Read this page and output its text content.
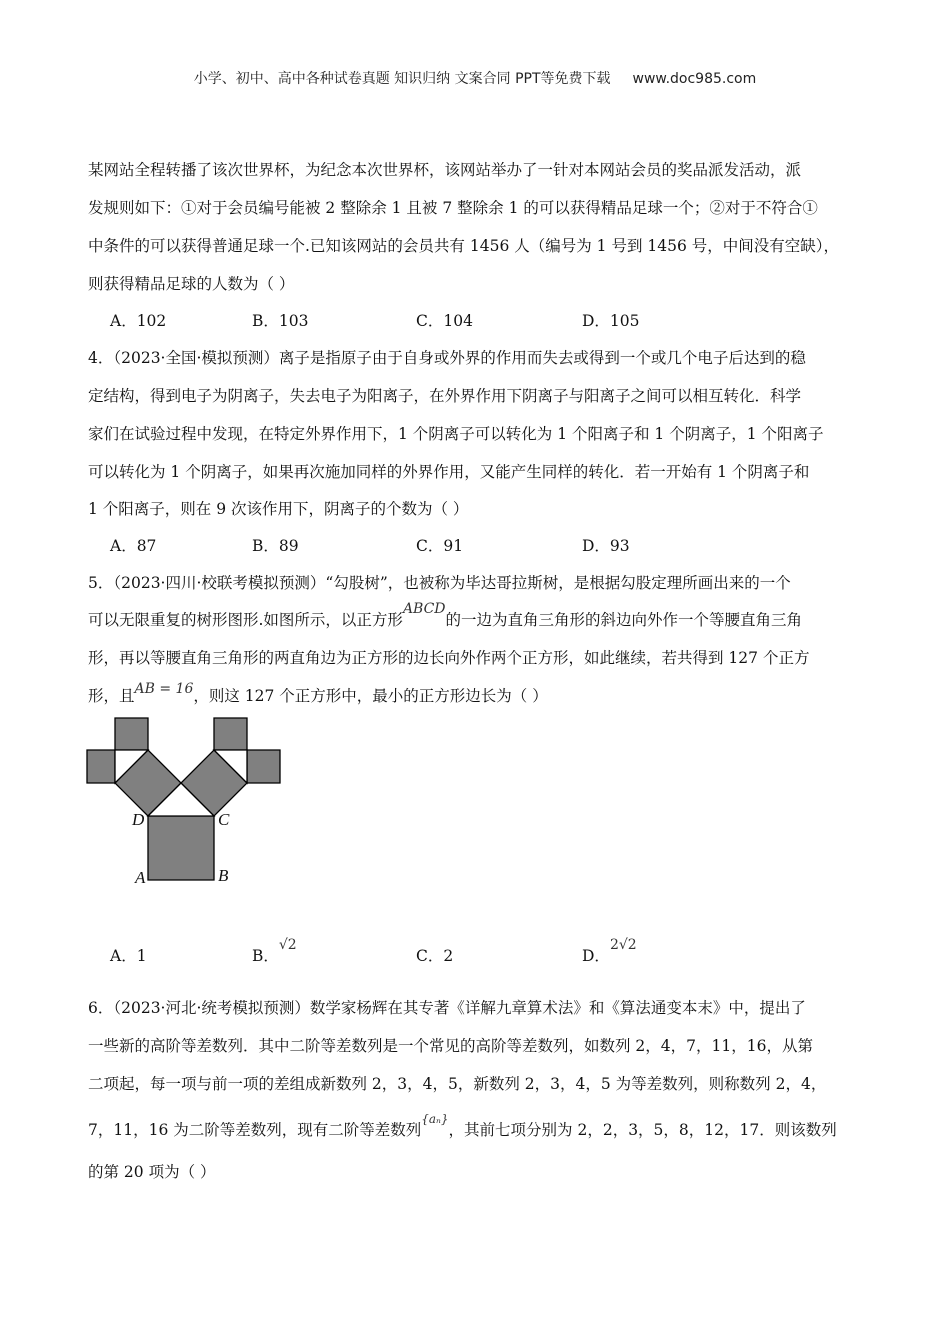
小学、初中、高中各种试卷真题 知识归纳 文案合同 PPT等免费下载 www.doc985.com
某网站全程转播了该次世界杯，为纪念本次世界杯，该网站举办了一针对本网站会员的奖品派发活动，派
发规则如下：①对于会员编号能被 2 整除余 1 且被 7 整除余 1 的可以获得精品足球一个；②对于不符合①
中条件的可以获得普通足球一个.已知该网站的会员共有 1456 人（编号为 1 号到 1456 号，中间没有空缺），
则获得精品足球的人数为（ ）
A．102	B．103	C．104	D．105
4．（2023·全国·模拟预测）离子是指原子由于自身或外界的作用而失去或得到一个或几个电子后达到的稳
定结构，得到电子为阴离子，失去电子为阳离子，在外界作用下阴离子与阳离子之间可以相互转化．科学
家们在试验过程中发现，在特定外界作用下，1 个阴离子可以转化为 1 个阳离子和 1 个阴离子，1 个阳离子
可以转化为 1 个阴离子，如果再次施加同样的外界作用，又能产生同样的转化．若一开始有 1 个阴离子和
1 个阳离子，则在 9 次该作用下，阴离子的个数为（ ）
A．87	B．89	C．91	D．93
5．（2023·四川·校联考模拟预测）“勾股树”，也被称为毕达哥拉斯树，是根据勾股定理所画出来的一个
可以无限重复的树形图形.如图所示，以正方形ABCD的一边为直角三角形的斜边向外作一个等腰直角三角
形，再以等腰直角三角形的两直角边为正方形的边长向外作两个正方形，如此继续，若共得到 127 个正方
形，且AB = 16，则这 127 个正方形中，最小的正方形边长为（ ）
D	C
A	B
A．1	B．√2
C．2	D．2√2
6．（2023·河北·统考模拟预测）数学家杨辉在其专著《详解九章算术法》和《算法通变本末》中，提出了
一些新的高阶等差数列．其中二阶等差数列是一个常见的高阶等差数列，如数列 2，4，7，11，16，从第
二项起，每一项与前一项的差组成新数列 2，3，4，5，新数列 2，3，4，5 为等差数列，则称数列 2，4，
7，11，16 为二阶等差数列，现有二阶等差数列$^{\{a_n\}}$，其前七项分别为 2，2，3，5，8，12，17．则该数列
的第 20 项为（ ）
